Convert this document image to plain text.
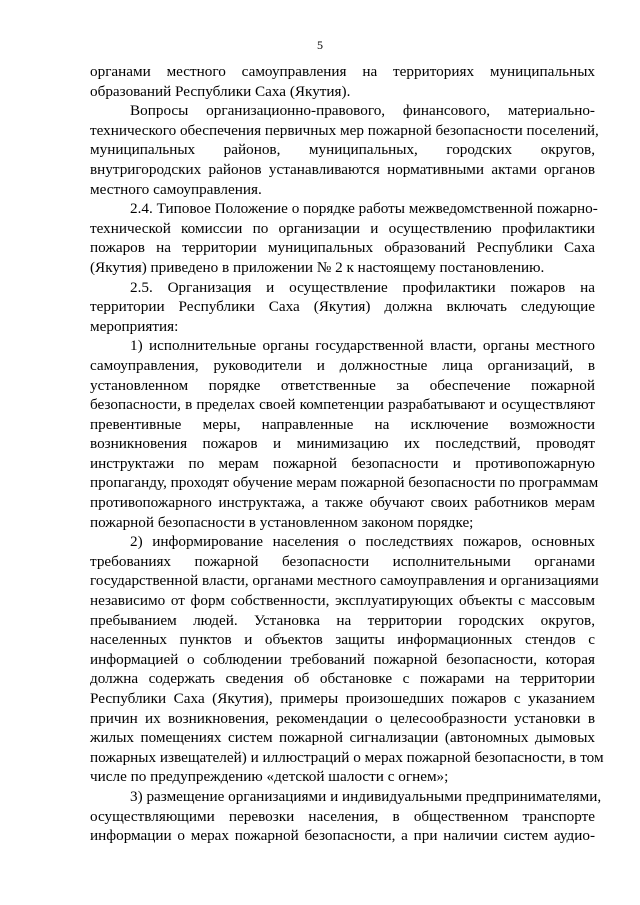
5
органами местного самоуправления на территориях муниципальных
образований Республики Саха (Якутия).
Вопросы организационно-правового, финансового, материально-
технического обеспечения первичных мер пожарной безопасности поселений,
муниципальных районов, муниципальных, городских округов,
внутригородских районов устанавливаются нормативными актами органов
местного самоуправления.
2.4. Типовое Положение о порядке работы межведомственной пожарно-
технической комиссии по организации и осуществлению профилактики
пожаров на территории муниципальных образований Республики Саха
(Якутия) приведено в приложении № 2 к настоящему постановлению.
2.5. Организация и осуществление профилактики пожаров на
территории Республики Саха (Якутия) должна включать следующие
мероприятия:
1) исполнительные органы государственной власти, органы местного
самоуправления, руководители и должностные лица организаций, в
установленном порядке ответственные за обеспечение пожарной
безопасности, в пределах своей компетенции разрабатывают и осуществляют
превентивные меры, направленные на исключение возможности
возникновения пожаров и минимизацию их последствий, проводят
инструктажи по мерам пожарной безопасности и противопожарную
пропаганду, проходят обучение мерам пожарной безопасности по программам
противопожарного инструктажа, а также обучают своих работников мерам
пожарной безопасности в установленном законом порядке;
2) информирование населения о последствиях пожаров, основных
требованиях пожарной безопасности исполнительными органами
государственной власти, органами местного самоуправления и организациями
независимо от форм собственности, эксплуатирующих объекты с массовым
пребыванием людей. Установка на территории городских округов,
населенных пунктов и объектов защиты информационных стендов с
информацией о соблюдении требований пожарной безопасности, которая
должна содержать сведения об обстановке с пожарами на территории
Республики Саха (Якутия), примеры произошедших пожаров с указанием
причин их возникновения, рекомендации о целесообразности установки в
жилых помещениях систем пожарной сигнализации (автономных дымовых
пожарных извещателей) и иллюстраций о мерах пожарной безопасности, в том
числе по предупреждению «детской шалости с огнем»;
3) размещение организациями и индивидуальными предпринимателями,
осуществляющими перевозки населения, в общественном транспорте
информации о мерах пожарной безопасности, а при наличии систем аудио-
